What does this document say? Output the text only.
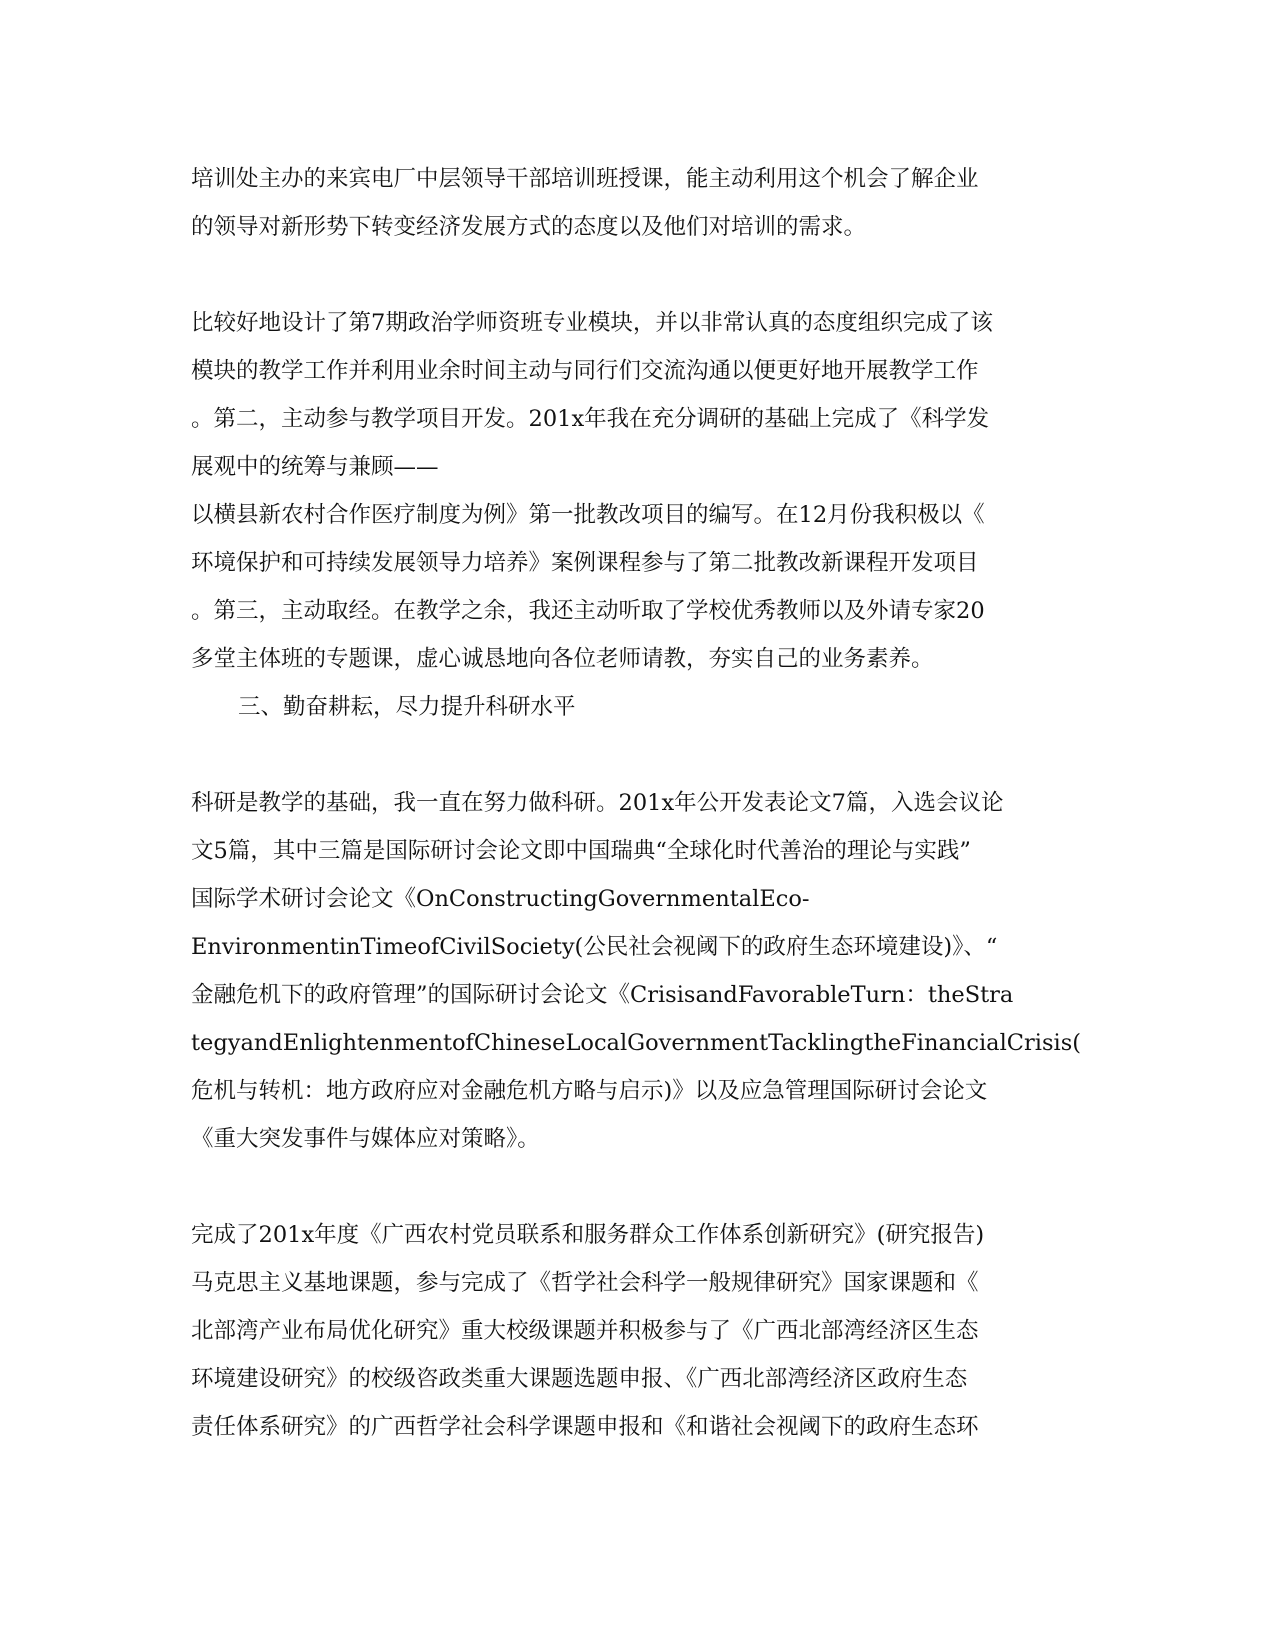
培训处主办的来宾电厂中层领导干部培训班授课，能主动利用这个机会了解企业
的领导对新形势下转变经济发展方式的态度以及他们对培训的需求。
比较好地设计了第7期政治学师资班专业模块，并以非常认真的态度组织完成了该
模块的教学工作并利用业余时间主动与同行们交流沟通以便更好地开展教学工作
。第二，主动参与教学项目开发。201x年我在充分调研的基础上完成了《科学发
展观中的统筹与兼顾——
以横县新农村合作医疗制度为例》第一批教改项目的编写。在12月份我积极以《
环境保护和可持续发展领导力培养》案例课程参与了第二批教改新课程开发项目
。第三，主动取经。在教学之余，我还主动听取了学校优秀教师以及外请专家20
多堂主体班的专题课，虚心诚恳地向各位老师请教，夯实自己的业务素养。
三、勤奋耕耘，尽力提升科研水平
科研是教学的基础，我一直在努力做科研。201x年公开发表论文7篇，入选会议论
文5篇，其中三篇是国际研讨会论文即中国瑞典“全球化时代善治的理论与实践”
国际学术研讨会论文《OnConstructingGovernmentalEco-
EnvironmentinTimeofCivilSociety(公民社会视阈下的政府生态环境建设)》、“
金融危机下的政府管理”的国际研讨会论文《CrisisandFavorableTurn：theStra
tegyandEnlightenmentofChineseLocalGovernmentTacklingtheFinancialCrisis(
危机与转机：地方政府应对金融危机方略与启示)》以及应急管理国际研讨会论文
《重大突发事件与媒体应对策略》。
完成了201x年度《广西农村党员联系和服务群众工作体系创新研究》(研究报告)
马克思主义基地课题，参与完成了《哲学社会科学一般规律研究》国家课题和《
北部湾产业布局优化研究》重大校级课题并积极参与了《广西北部湾经济区生态
环境建设研究》的校级咨政类重大课题选题申报、《广西北部湾经济区政府生态
责任体系研究》的广西哲学社会科学课题申报和《和谐社会视阈下的政府生态环
